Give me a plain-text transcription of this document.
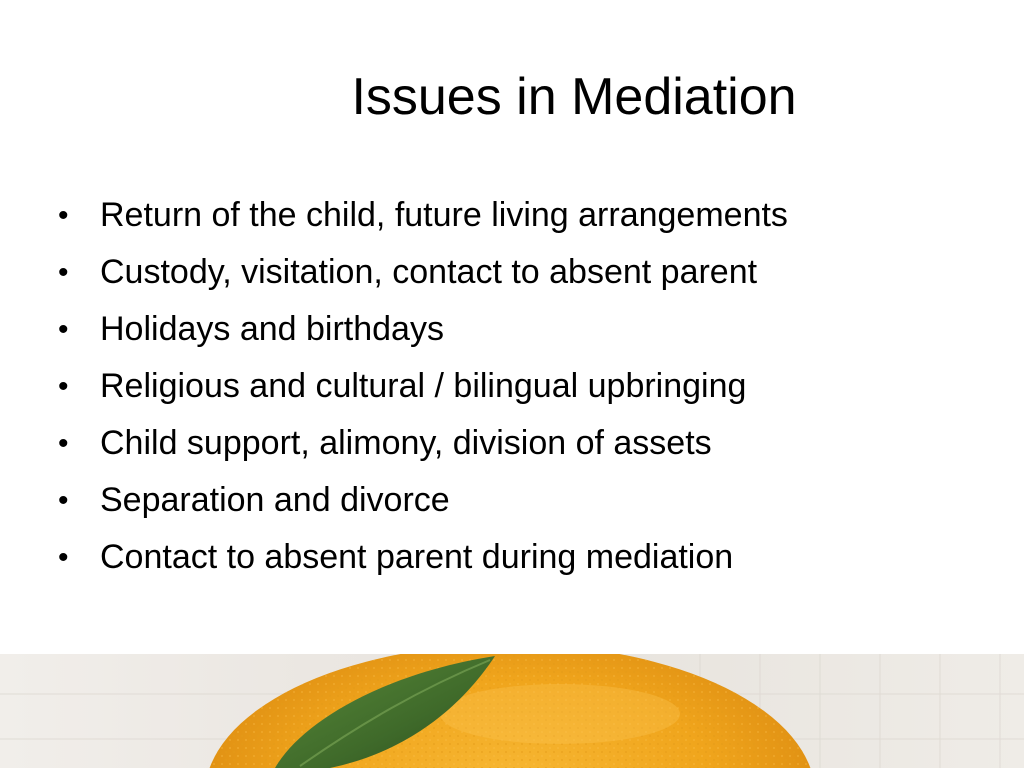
Issues in Mediation
• Return of the child, future living arrangements
• Custody, visitation, contact to absent parent
• Holidays and birthdays
• Religious and cultural / bilingual upbringing
• Child support, alimony, division of assets
• Separation and divorce
• Contact to absent parent during mediation
